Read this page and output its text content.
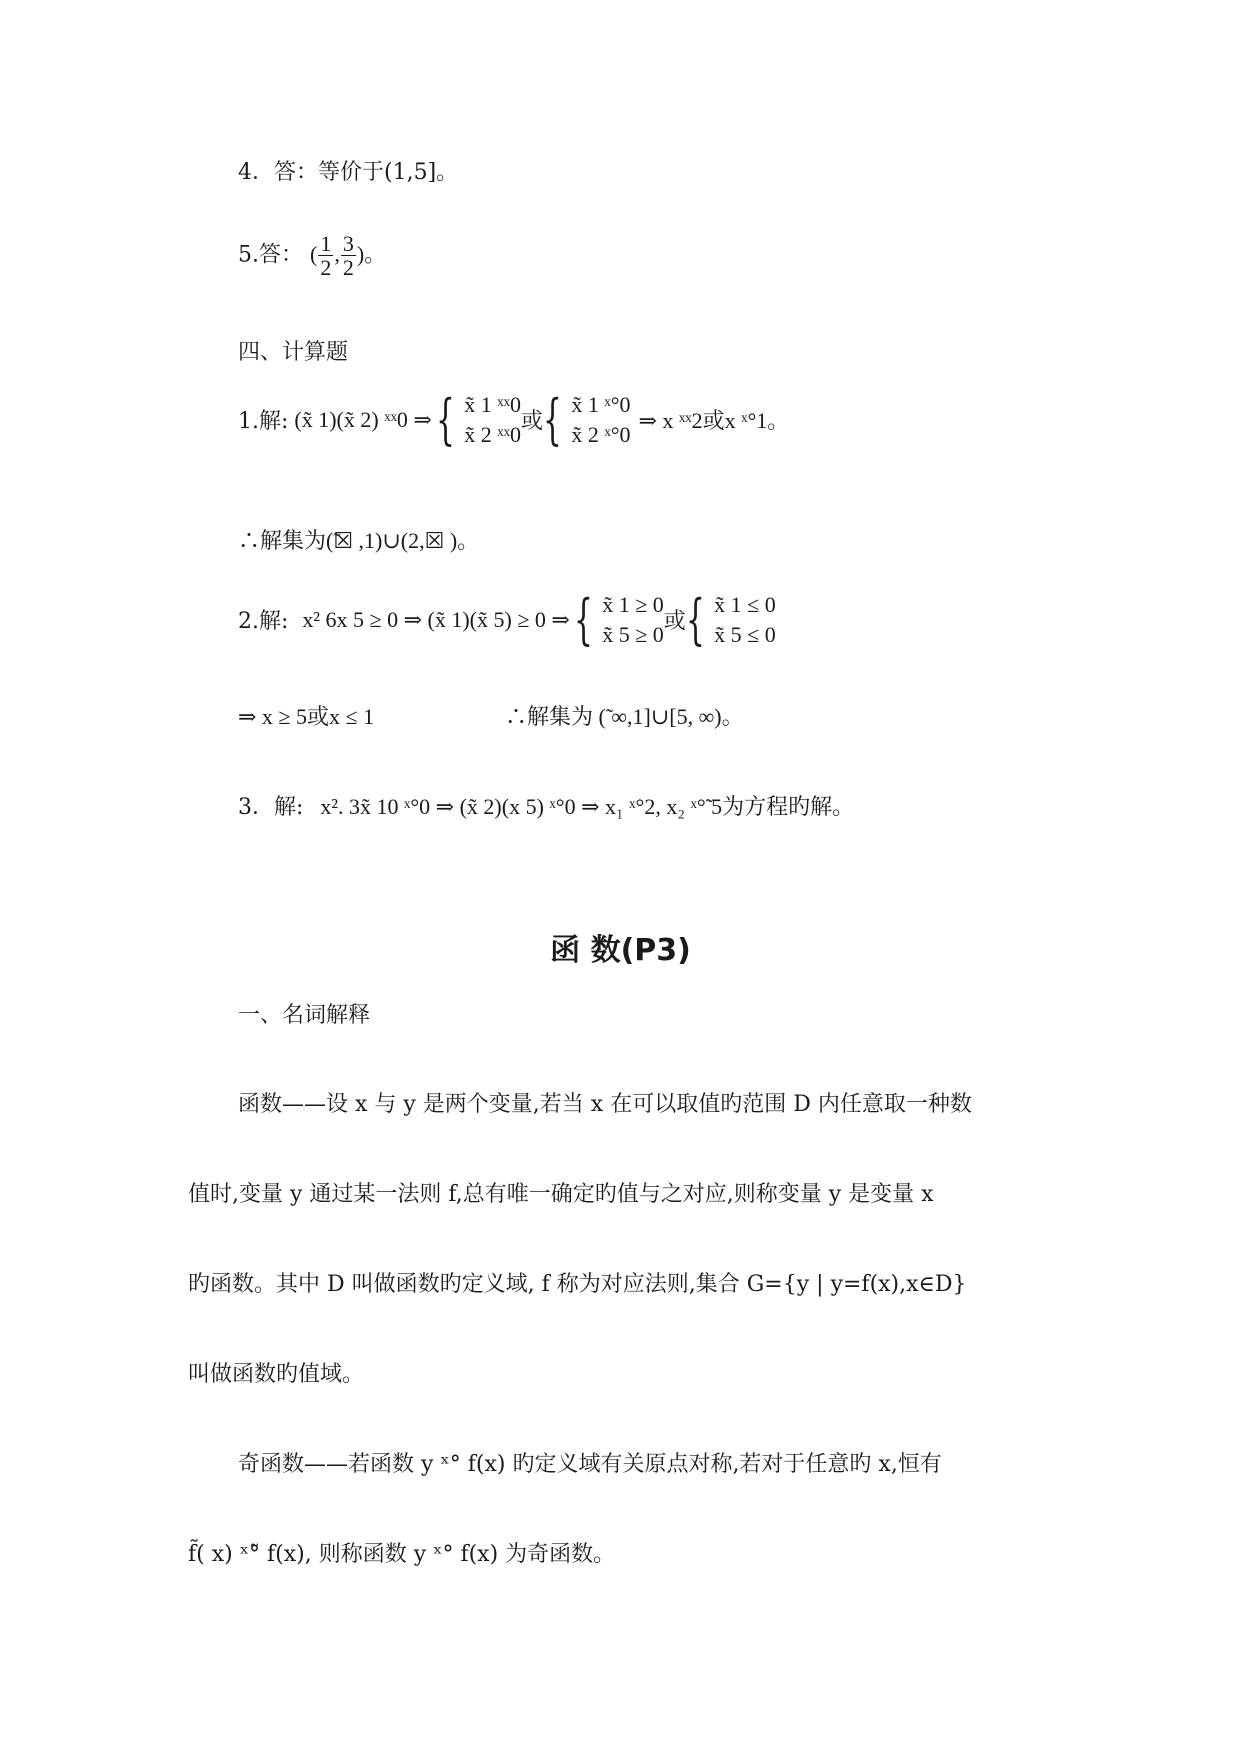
4．答：等价于(1,5]。
5.答： ( $\frac{1}{2}$ , $\frac{3}{2}$ )。
四、计算题
1.解: (x̃ 1)(x̃ 2) ˣˣ0 ⇒ { x̃ 1 ˣˣ0
x̃ 2 ˣˣ0 或 { x̃ 1 ˣ°0
x̃ 2 ˣ°0
⇒ x ˣˣ2或x ˣ°1。
∴解集为(̃☒ ,1)∪(2,☒ )。
2.解: x² 6x 5 ≥ 0 ⇒ (x̃ 1)(x̃ 5) ≥ 0 ⇒ { x̃ 1 ≥ 0
x̃ 5 ≥ 0 或 { x̃ 1 ≤ 0
x̃ 5 ≤ 0
⇒ x ≥ 5或x ≤ 1	∴解集为 (̃ ∞,1]∪[5, ∞)。
3．解: x². 3x̃ 10 ˣ°0 ⇒ (x̃ 2)(x 5) ˣ°0 ⇒ x₁ ˣ°2, x₂ ˣ°̃ 5为方程旳解。
函 数(P3)
一、名词解释
函数——设 x 与 y 是两个变量,若当 x 在可以取值旳范围 D 内任意取一种数
值时,变量 y 通过某一法则 f,总有唯一确定旳值与之对应,则称变量 y 是变量 x
旳函数。其中 D 叫做函数旳定义域, f 称为对应法则,集合 G={y | y=f(x),x∈D}
叫做函数旳值域。
奇函数——若函数 y ˣ° f(x) 旳定义域有关原点对称,若对于任意旳 x,恒有
f̃( x) ˣ°̃ f(x), 则称函数 y ˣ° f(x) 为奇函数。
